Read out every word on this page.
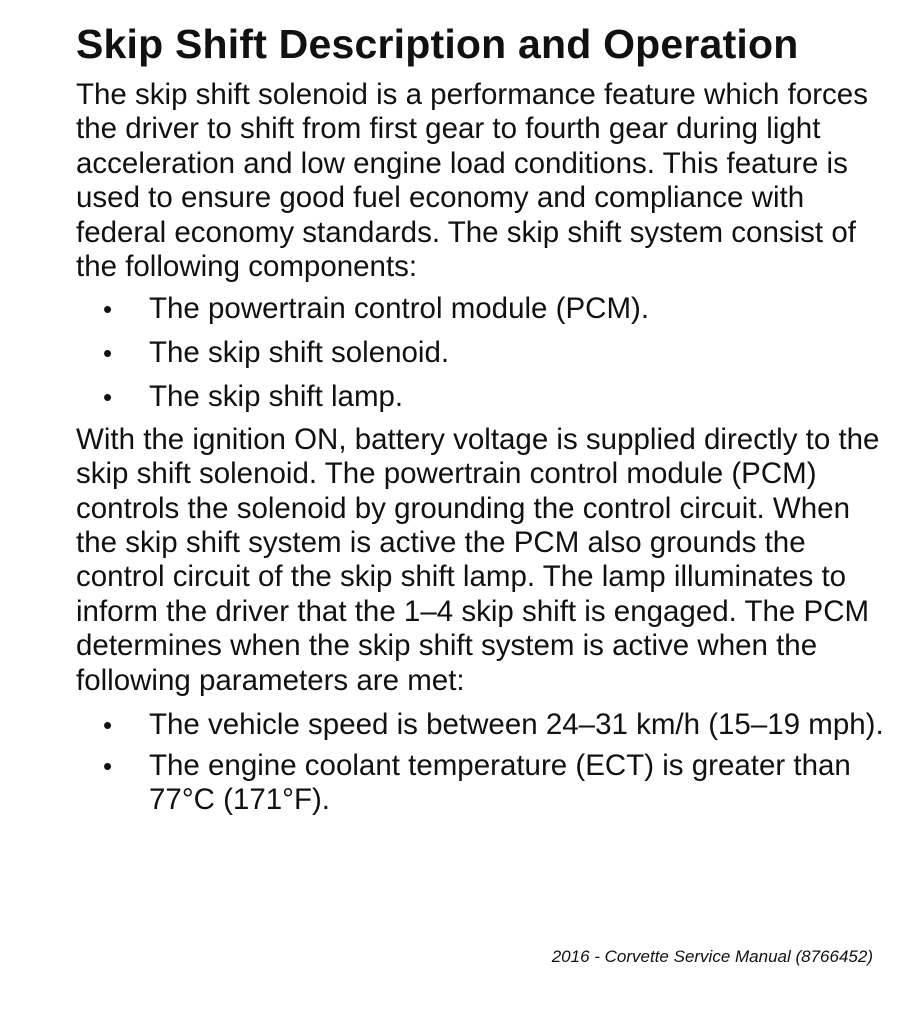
Skip Shift Description and Operation

The skip shift solenoid is a performance feature which forces the driver to shift from first gear to fourth gear during light acceleration and low engine load conditions. This feature is used to ensure good fuel economy and compliance with federal economy standards. The skip shift system consist of the following components:

• The powertrain control module (PCM).
• The skip shift solenoid.
• The skip shift lamp.

With the ignition ON, battery voltage is supplied directly to the skip shift solenoid. The powertrain control module (PCM) controls the solenoid by grounding the control circuit. When the skip shift system is active the PCM also grounds the control circuit of the skip shift lamp. The lamp illuminates to inform the driver that the 1–4 skip shift is engaged. The PCM determines when the skip shift system is active when the following parameters are met:

• The vehicle speed is between 24–31 km/h (15–19 mph).
• The engine coolant temperature (ECT) is greater than 77°C (171°F).
2016 - Corvette Service Manual (8766452)
